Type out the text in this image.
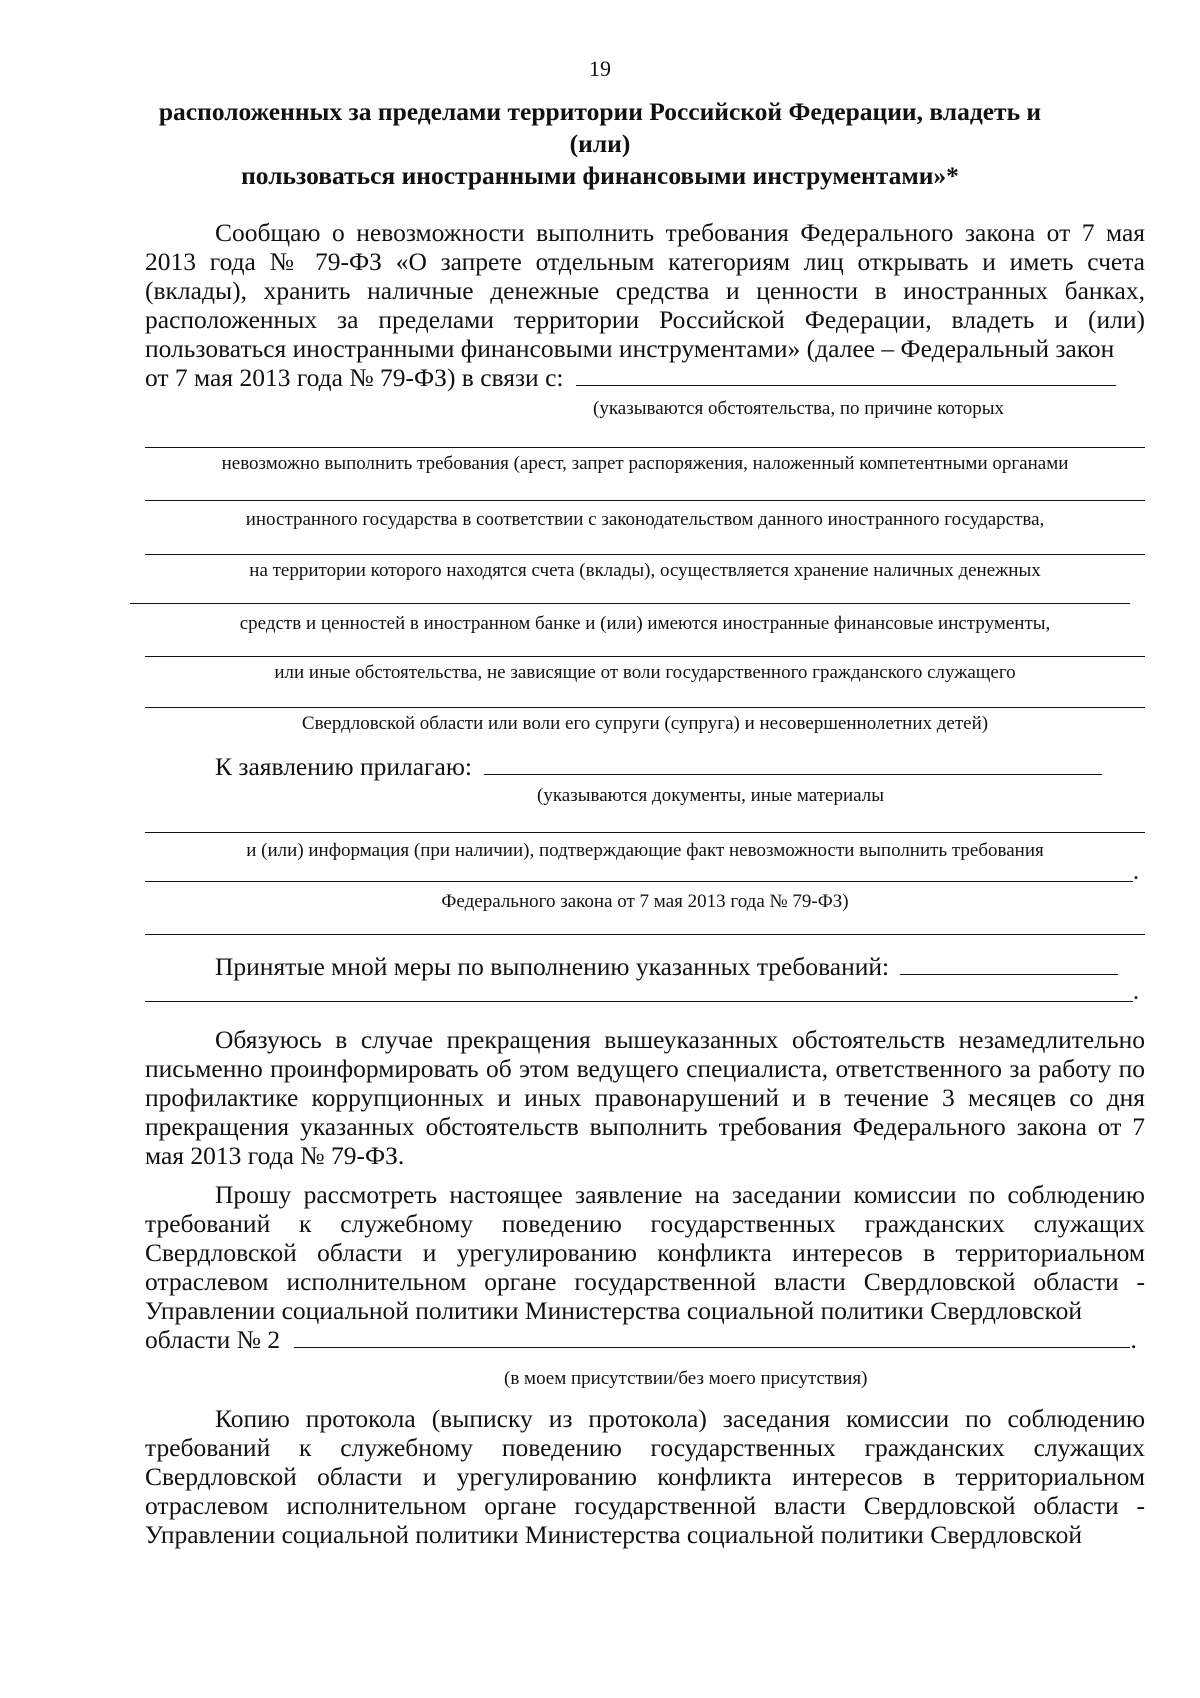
19
расположенных за пределами территории Российской Федерации, владеть и (или)
пользоваться иностранными финансовыми инструментами»*

Сообщаю о невозможности выполнить требования Федерального закона от 7 мая 2013 года № 79-ФЗ «О запрете отдельным категориям лиц открывать и иметь счета (вклады), хранить наличные денежные средства и ценности в иностранных банках, расположенных за пределами территории Российской Федерации, владеть и (или) пользоваться иностранными финансовыми инструментами» (далее – Федеральный закон

от 7 мая 2013 года № 79-ФЗ) в связи с:
(указываются обстоятельства, по причине которых
невозможно выполнить требования (арест, запрет распоряжения, наложенный компетентными органами
иностранного государства в соответствии с законодательством данного иностранного государства,
на территории которого находятся счета (вклады), осуществляется хранение наличных денежных
средств и ценностей в иностранном банке и (или) имеются иностранные финансовые инструменты,
или иные обстоятельства, не зависящие от воли государственного гражданского служащего
Свердловской области или воли его супруги (супруга) и несовершеннолетних детей)
К заявлению прилагаю:
(указываются документы, иные материалы
и (или) информация (при наличии), подтверждающие факт невозможности выполнить требования
.
Федерального закона от 7 мая 2013 года № 79-ФЗ)
Принятые мной меры по выполнению указанных требований:
.

Обязуюсь в случае прекращения вышеуказанных обстоятельств незамедлительно письменно проинформировать об этом ведущего специалиста, ответственного за работу по профилактике коррупционных и иных правонарушений и в течение 3 месяцев со дня прекращения указанных обстоятельств выполнить требования Федерального закона от 7 мая 2013 года № 79-ФЗ.

Прошу рассмотреть настоящее заявление на заседании комиссии по соблюдению требований к служебному поведению государственных гражданских служащих Свердловской области и урегулированию конфликта интересов в территориальном отраслевом исполнительном органе государственной власти Свердловской области - Управлении социальной политики Министерства социальной политики Свердловской

области № 2	.
(в моем присутствии/без моего присутствия)

Копию протокола (выписку из протокола) заседания комиссии по соблюдению требований к служебному поведению государственных гражданских служащих Свердловской области и урегулированию конфликта интересов в территориальном отраслевом исполнительном органе государственной власти Свердловской области - Управлении социальной политики Министерства социальной политики Свердловской
